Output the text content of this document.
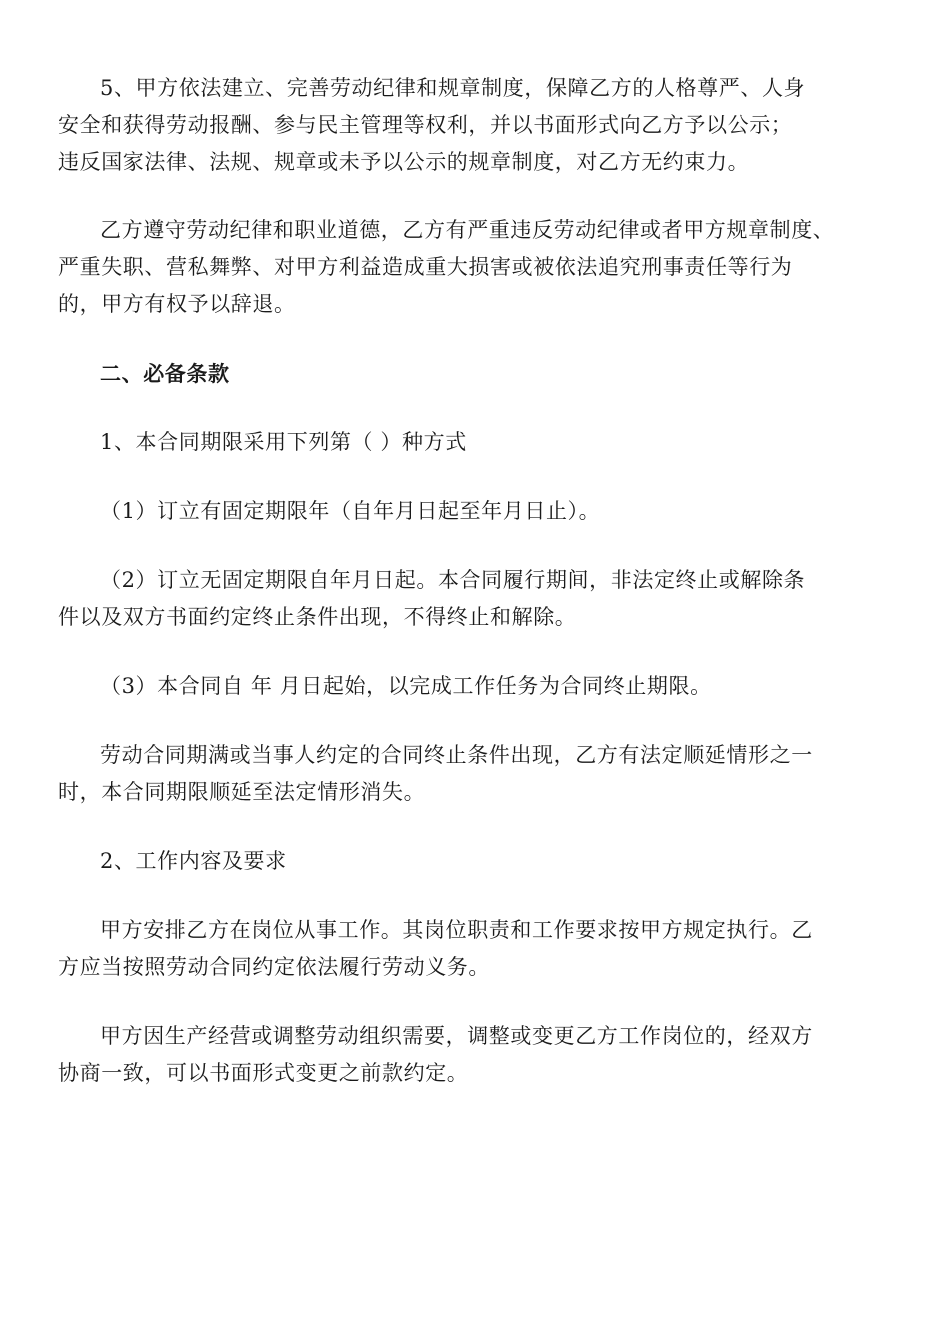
5、甲方依法建立、完善劳动纪律和规章制度，保障乙方的人格尊严、人身
安全和获得劳动报酬、参与民主管理等权利，并以书面形式向乙方予以公示；
违反国家法律、法规、规章或未予以公示的规章制度，对乙方无约束力。

乙方遵守劳动纪律和职业道德，乙方有严重违反劳动纪律或者甲方规章制度、
严重失职、营私舞弊、对甲方利益造成重大损害或被依法追究刑事责任等行为
的，甲方有权予以辞退。

二、必备条款

1、本合同期限采用下列第（ ）种方式

（1）订立有固定期限年（自年月日起至年月日止）。

（2）订立无固定期限自年月日起。本合同履行期间，非法定终止或解除条
件以及双方书面约定终止条件出现，不得终止和解除。

（3）本合同自 年 月日起始，以完成工作任务为合同终止期限。

劳动合同期满或当事人约定的合同终止条件出现，乙方有法定顺延情形之一
时，本合同期限顺延至法定情形消失。

2、工作内容及要求

甲方安排乙方在岗位从事工作。其岗位职责和工作要求按甲方规定执行。乙
方应当按照劳动合同约定依法履行劳动义务。

甲方因生产经营或调整劳动组织需要，调整或变更乙方工作岗位的，经双方
协商一致，可以书面形式变更之前款约定。
